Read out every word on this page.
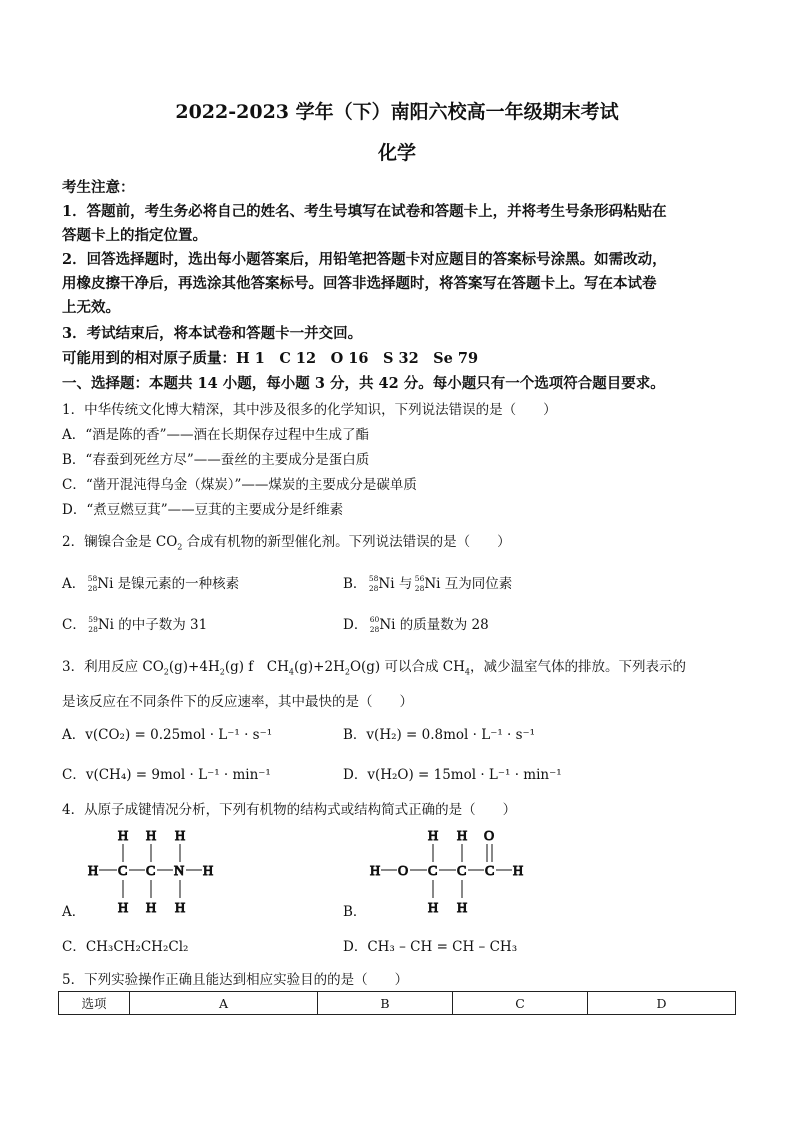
2022-2023 学年（下）南阳六校高一年级期末考试
化学
考生注意：
1．答题前，考生务必将自己的姓名、考生号填写在试卷和答题卡上，并将考生号条形码粘贴在
答题卡上的指定位置。
2．回答选择题时，选出每小题答案后，用铅笔把答题卡对应题目的答案标号涂黑。如需改动，
用橡皮擦干净后，再选涂其他答案标号。回答非选择题时，将答案写在答题卡上。写在本试卷
上无效。
3．考试结束后，将本试卷和答题卡一并交回。
可能用到的相对原子质量：H 1　C 12　O 16　S 32　Se 79
一、选择题：本题共 14 小题，每小题 3 分，共 42 分。每小题只有一个选项符合题目要求。
1．中华传统文化博大精深，其中涉及很多的化学知识，下列说法错误的是（　　）
A．“酒是陈的香”——酒在长期保存过程中生成了酯
B．“春蚕到死丝方尽”——蚕丝的主要成分是蛋白质
C．“凿开混沌得乌金（煤炭）”——煤炭的主要成分是碳单质
D．“煮豆燃豆萁”——豆萁的主要成分是纤维素
2．镧镍合金是 $CO_2$ 合成有机物的新型催化剂。下列说法错误的是（　　）
A． 58
28 Ni 是镍元素的一种核素	B． 58
28 Ni 与 56
28 Ni 互为同位素
C． 59
28 Ni 的中子数为 31	D． 60
28 Ni 的质量数为 28
3．利用反应 $CO_2(g)+4H_2(g)$ f　$CH_4(g)+2H_2O(g)$ 可以合成 $CH_4$，减少温室气体的排放。下列表示的
是该反应在不同条件下的反应速率，其中最快的是（　　）
A．v(CO₂) = 0.25mol · L⁻¹ · s⁻¹	B．v(H₂) = 0.8mol · L⁻¹ · s⁻¹
C．v(CH₄) = 9mol · L⁻¹ · min⁻¹	D．v(H₂O) = 15mol · L⁻¹ · min⁻¹
4．从原子成键情况分析，下列有机物的结构式或结构简式正确的是（　　）
A．
H H H
H C C N H
H H H	B．
H H O
H O C C C H
H H
C．CH₃CH₂CH₂Cl₂	D．CH₃ – CH = CH – CH₃
5．下列实验操作正确且能达到相应实验目的的是（　　）
选项	A	B	C	D
